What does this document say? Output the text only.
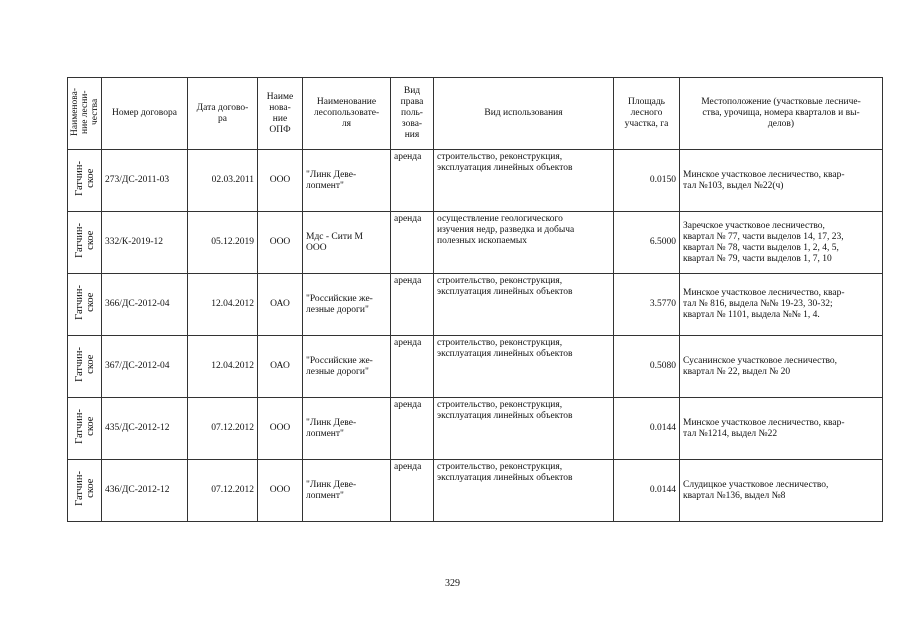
Наименова-
ние лесни-
чества	Номер договора	Дата догово-
ра	Наиме
нова-
ние
ОПФ	Наименование
лесопользовате-
ля	Вид
права
поль-
зова-
ния	Вид использования	Площадь
лесного
участка, га	Местоположение (участковые лесниче-
ства, урочища, номера кварталов и вы-
делов)
Гатчин-
ское	273/ДС-2011-03	02.03.2011	ООО	"Линк Деве-
лопмент"	аренда	строительство, реконструкция,
эксплуатация линейных объектов	0.0150	Минское участковое лесничество, квар-
тал №103, выдел №22(ч)
Гатчин-
ское	332/К-2019-12	05.12.2019	ООО	Мдс - Сити М
ООО	аренда	осуществление геологического
изучения недр, разведка и добыча
полезных ископаемых	6.5000	Заречское участковое лесничество,
квартал № 77, части выделов 14, 17, 23,
квартал № 78, части выделов 1, 2, 4, 5,
квартал № 79, части выделов 1, 7, 10
Гатчин-
ское	366/ДС-2012-04	12.04.2012	ОАО	"Российские же-
лезные дороги"	аренда	строительство, реконструкция,
эксплуатация линейных объектов	3.5770	Минское участковое лесничество, квар-
тал № 816, выдела №№ 19-23, 30-32;
квартал № 1101, выдела №№ 1, 4.
Гатчин-
ское	367/ДС-2012-04	12.04.2012	ОАО	"Российские же-
лезные дороги"	аренда	строительство, реконструкция,
эксплуатация линейных объектов	0.5080	Сусанинское участковое лесничество,
квартал № 22, выдел № 20
Гатчин-
ское	435/ДС-2012-12	07.12.2012	ООО	"Линк Деве-
лопмент"	аренда	строительство, реконструкция,
эксплуатация линейных объектов	0.0144	Минское участковое лесничество, квар-
тал №1214, выдел №22
Гатчин-
ское	436/ДС-2012-12	07.12.2012	ООО	"Линк Деве-
лопмент"	аренда	строительство, реконструкция,
эксплуатация линейных объектов	0.0144	Слудицкое участковое лесничество,
квартал №136, выдел №8
329
